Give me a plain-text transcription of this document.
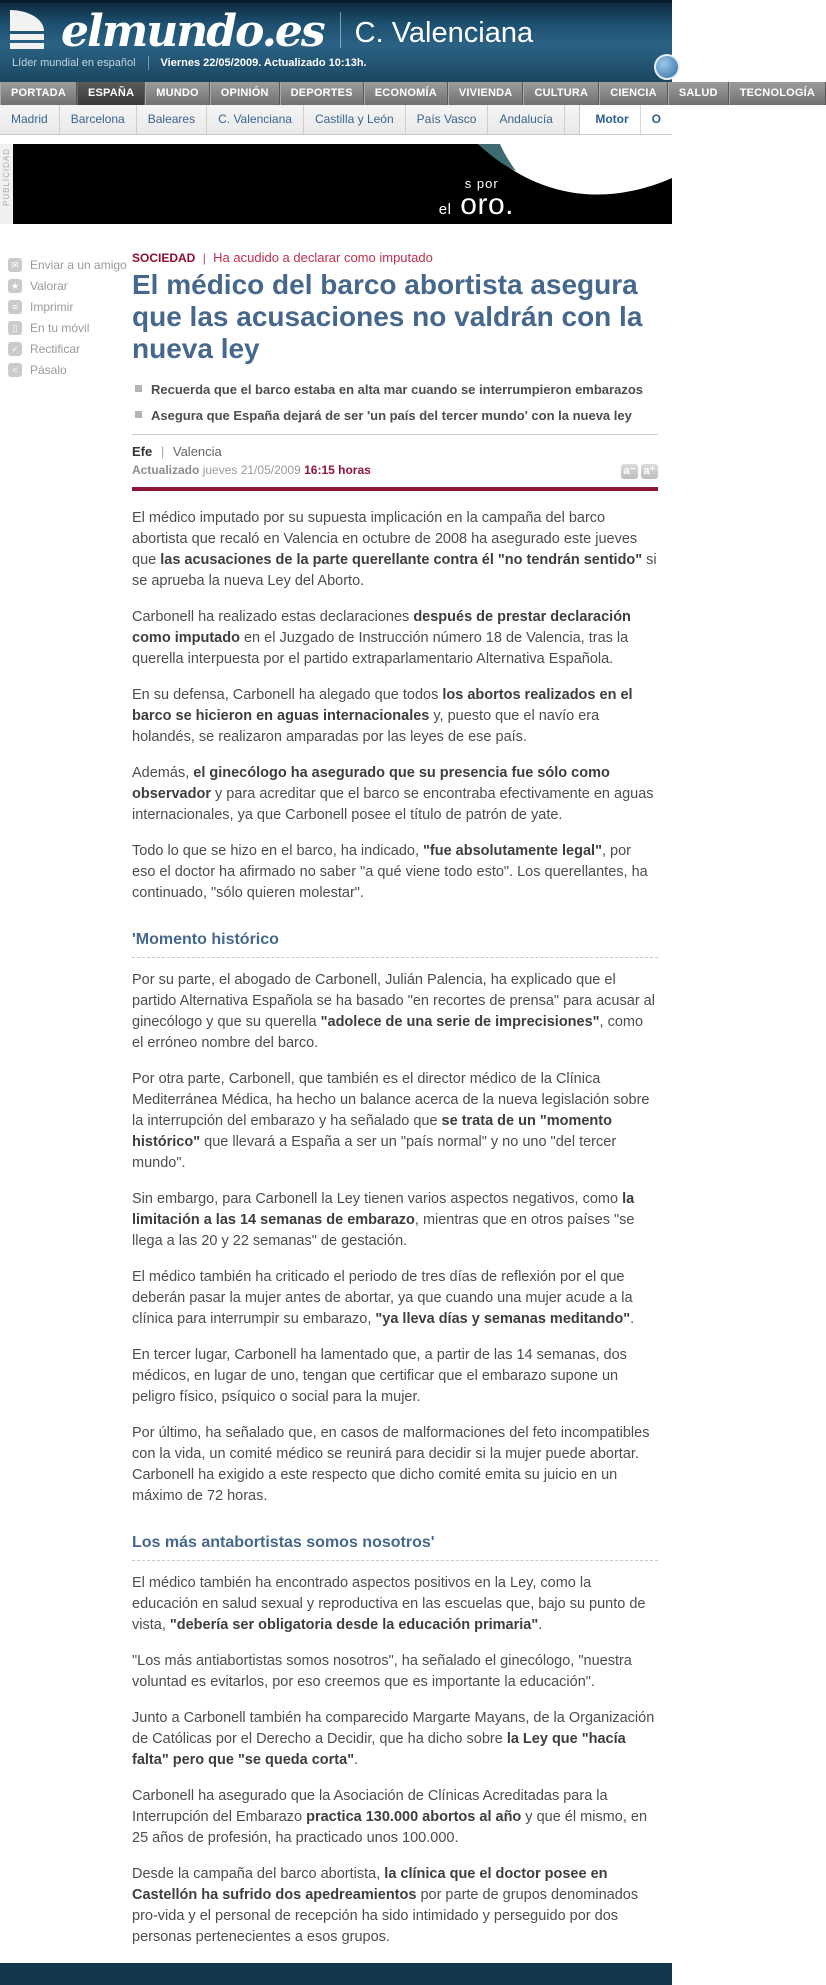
elmundo.es C. Valenciana
Líder mundial en español Viernes 22/05/2009. Actualizado 10:13h.
PORTADA	ESPAÑA	MUNDO	OPINIÓN	DEPORTES	ECONOMÍA	VIVIENDA	CULTURA	CIENCIA	SALUD	TECNOLOGÍA
Madrid	Barcelona	Baleares	C. Valenciana	Castilla y León	País Vasco	Andalucía	Motor	O
PUBLICIDAD	s por
el oro.
✉ Enviar a un amigo
★ Valorar
≡	Imprimir
▯	En tu móvil
✓ Rectificar
<	Pásalo
SOCIEDAD | Ha acudido a declarar como imputado
El médico del barco abortista asegura que las acusaciones no valdrán con la nueva ley
Recuerda que el barco estaba en alta mar cuando se interrumpieron embarazos
Asegura que España dejará de ser 'un país del tercer mundo' con la nueva ley
Efe | Valencia
Actualizado jueves 21/05/2009 16:15 horas	a⁻ a⁺

El médico imputado por su supuesta implicación en la campaña del barco abortista que recaló en Valencia en octubre de 2008 ha asegurado este jueves que las acusaciones de la parte querellante contra él "no tendrán sentido" si se aprueba la nueva Ley del Aborto.

Carbonell ha realizado estas declaraciones después de prestar declaración como imputado en el Juzgado de Instrucción número 18 de Valencia, tras la querella interpuesta por el partido extraparlamentario Alternativa Española.

En su defensa, Carbonell ha alegado que todos los abortos realizados en el barco se hicieron en aguas internacionales y, puesto que el navío era holandés, se realizaron amparadas por las leyes de ese país.

Además, el ginecólogo ha asegurado que su presencia fue sólo como observador y para acreditar que el barco se encontraba efectivamente en aguas internacionales, ya que Carbonell posee el título de patrón de yate.

Todo lo que se hizo en el barco, ha indicado, "fue absolutamente legal", por eso el doctor ha afirmado no saber "a qué viene todo esto". Los querellantes, ha continuado, "sólo quieren molestar".

'Momento histórico

Por su parte, el abogado de Carbonell, Julián Palencia, ha explicado que el partido Alternativa Española se ha basado "en recortes de prensa" para acusar al ginecólogo y que su querella "adolece de una serie de imprecisiones", como el erróneo nombre del barco.

Por otra parte, Carbonell, que también es el director médico de la Clínica Mediterránea Médica, ha hecho un balance acerca de la nueva legislación sobre la interrupción del embarazo y ha señalado que se trata de un "momento histórico" que llevará a España a ser un "país normal" y no uno "del tercer mundo".

Sin embargo, para Carbonell la Ley tienen varios aspectos negativos, como la limitación a las 14 semanas de embarazo, mientras que en otros países "se llega a las 20 y 22 semanas" de gestación.

El médico también ha criticado el periodo de tres días de reflexión por el que deberán pasar la mujer antes de abortar, ya que cuando una mujer acude a la clínica para interrumpir su embarazo, "ya lleva días y semanas meditando".

En tercer lugar, Carbonell ha lamentado que, a partir de las 14 semanas, dos médicos, en lugar de uno, tengan que certificar que el embarazo supone un peligro físico, psíquico o social para la mujer.

Por último, ha señalado que, en casos de malformaciones del feto incompatibles con la vida, un comité médico se reunirá para decidir si la mujer puede abortar. Carbonell ha exigido a este respecto que dicho comité emita su juicio en un máximo de 72 horas.

Los más antabortistas somos nosotros'

El médico también ha encontrado aspectos positivos en la Ley, como la educación en salud sexual y reproductiva en las escuelas que, bajo su punto de vista, "debería ser obligatoria desde la educación primaria".

"Los más antiabortistas somos nosotros", ha señalado el ginecólogo, "nuestra voluntad es evitarlos, por eso creemos que es importante la educación".

Junto a Carbonell también ha comparecido Margarte Mayans, de la Organización de Católicas por el Derecho a Decidir, que ha dicho sobre la Ley que "hacía falta" pero que "se queda corta".

Carbonell ha asegurado que la Asociación de Clínicas Acreditadas para la Interrupción del Embarazo practica 130.000 abortos al año y que él mismo, en 25 años de profesión, ha practicado unos 100.000.

Desde la campaña del barco abortista, la clínica que el doctor posee en Castellón ha sufrido dos apedreamientos por parte de grupos denominados pro-vida y el personal de recepción ha sido intimidado y perseguido por dos personas pertenecientes a esos grupos.
